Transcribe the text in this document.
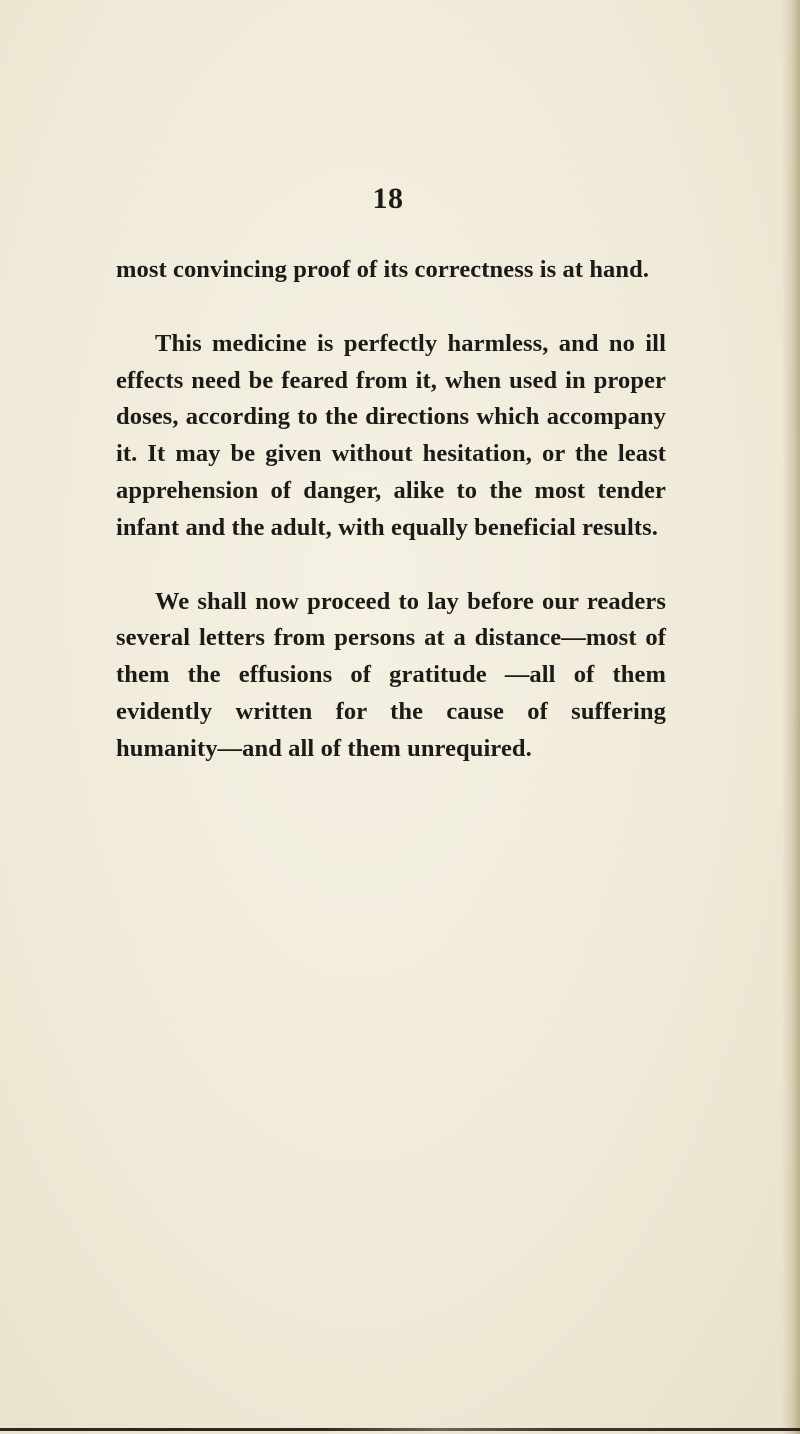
18

most convincing proof of its correctness is at hand.

This medicine is perfectly harmless, and no ill effects need be feared from it, when used in proper doses, according to the directions which accompany it. It may be given without hesitation, or the least apprehension of danger, alike to the most tender infant and the adult, with equally beneficial results.

We shall now proceed to lay before our readers several letters from persons at a distance—most of them the effusions of gratitude —all of them evidently written for the cause of suffering humanity—and all of them unrequired.
